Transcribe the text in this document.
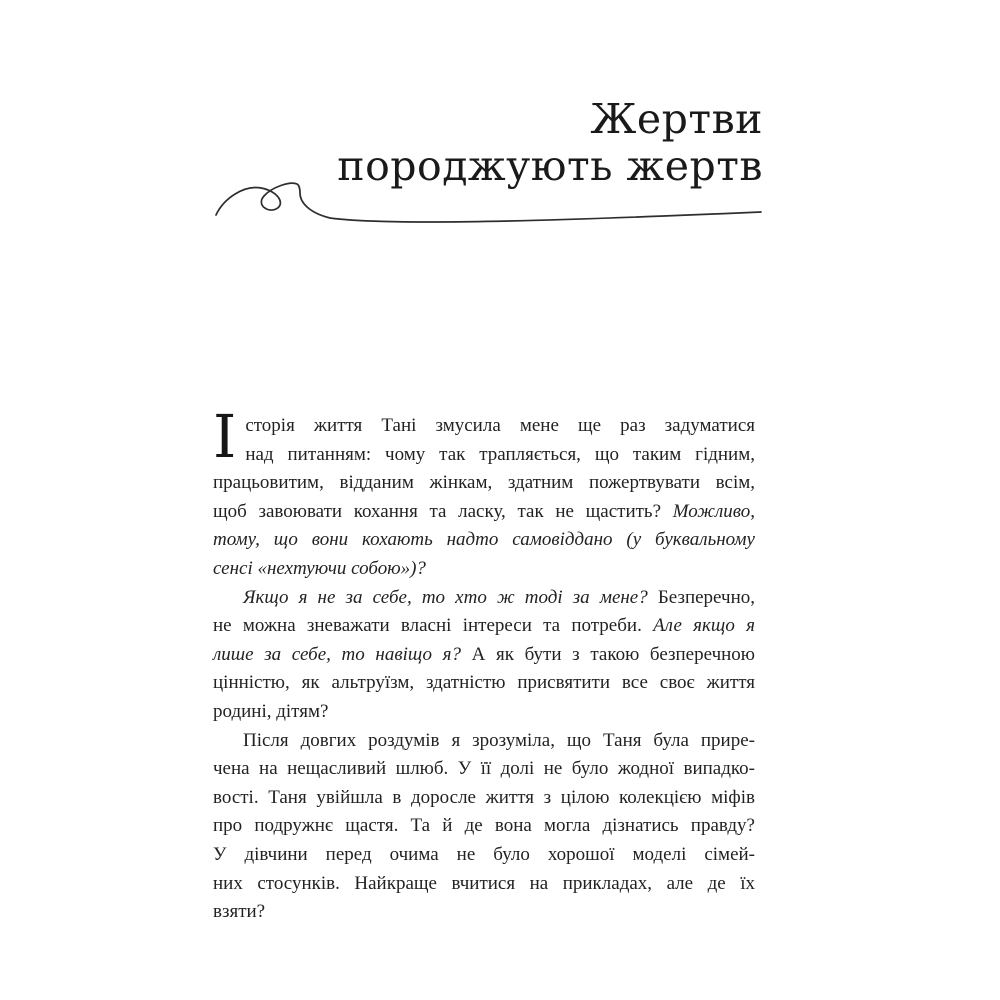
Жертви
породжують жертв
І сторія життя Тані змусила мене ще раз задуматися
над питанням: чому так трапляється, що таким гідним,
працьовитим, відданим жінкам, здатним пожертвувати всім,
щоб завоювати кохання та ласку, так не щастить? Можливо,
тому, що вони кохають надто самовіддано (у буквальному
сенсі «нехтуючи собою»)?
Якщо я не за себе, то хто ж тоді за мене? Безперечно,
не можна зневажати власні інтереси та потреби. Але якщо я
лише за себе, то навіщо я? А як бути з такою безперечною
цінністю, як альтруїзм, здатністю присвятити все своє життя
родині, дітям?
Після довгих роздумів я зрозуміла, що Таня була прире-
чена на нещасливий шлюб. У її долі не було жодної випадко-
вості. Таня увійшла в доросле життя з цілою колекцією міфів
про подружнє щастя. Та й де вона могла дізнатись правду?
У дівчини перед очима не було хорошої моделі сімей-
них стосунків. Найкраще вчитися на прикладах, але де їх
взяти?
